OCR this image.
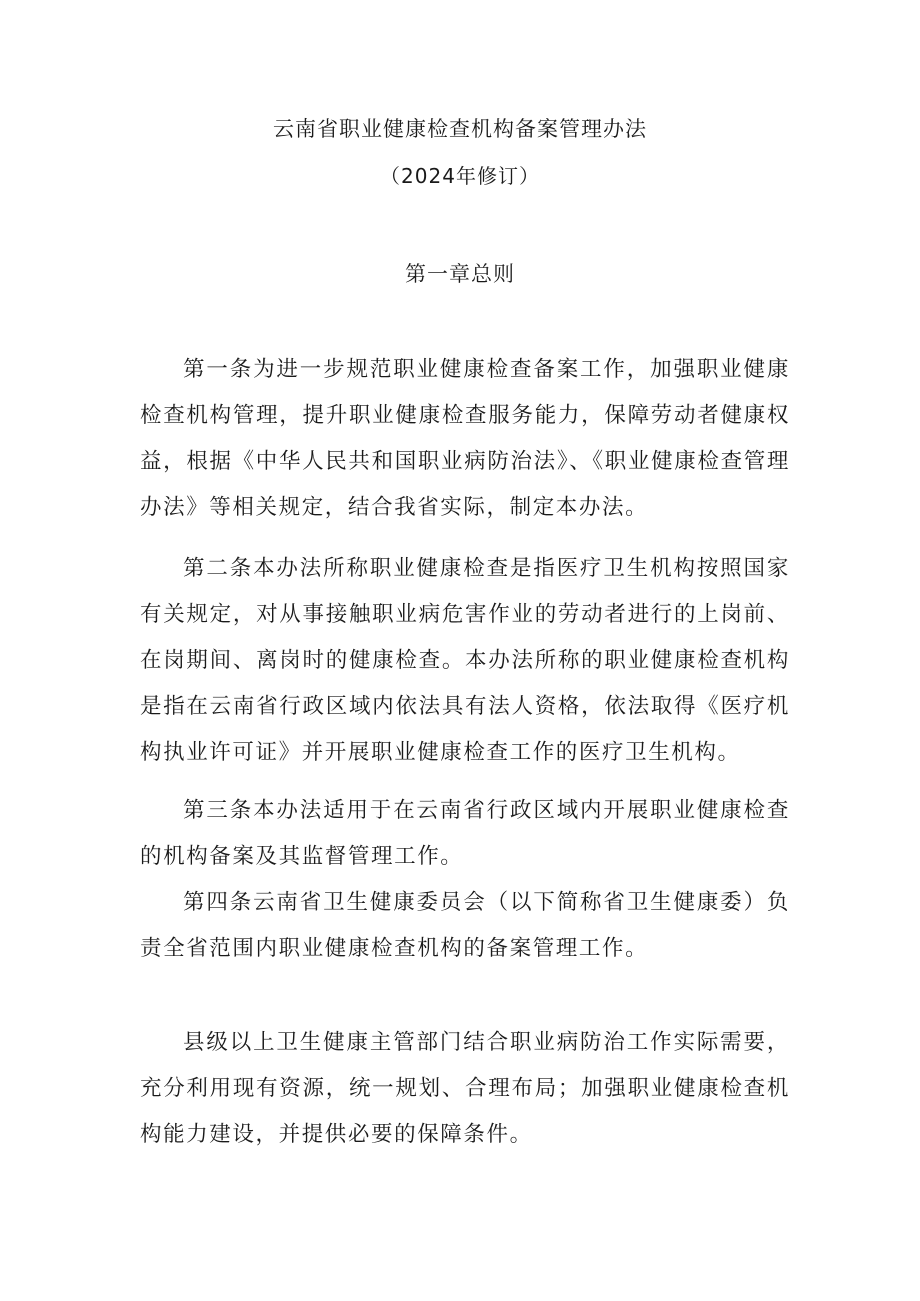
云南省职业健康检查机构备案管理办法
（2024年修订）
第一章总则

第一条为进一步规范职业健康检查备案工作，加强职业健康检查机构管理，提升职业健康检查服务能力，保障劳动者健康权益，根据《中华人民共和国职业病防治法》、《职业健康检查管理办法》等相关规定，结合我省实际，制定本办法。

第二条本办法所称职业健康检查是指医疗卫生机构按照国家有关规定，对从事接触职业病危害作业的劳动者进行的上岗前、在岗期间、离岗时的健康检查。本办法所称的职业健康检查机构是指在云南省行政区域内依法具有法人资格，依法取得《医疗机构执业许可证》并开展职业健康检查工作的医疗卫生机构。

第三条本办法适用于在云南省行政区域内开展职业健康检查的机构备案及其监督管理工作。

第四条云南省卫生健康委员会（以下简称省卫生健康委）负责全省范围内职业健康检查机构的备案管理工作。

县级以上卫生健康主管部门结合职业病防治工作实际需要，充分利用现有资源，统一规划、合理布局；加强职业健康检查机构能力建设，并提供必要的保障条件。
